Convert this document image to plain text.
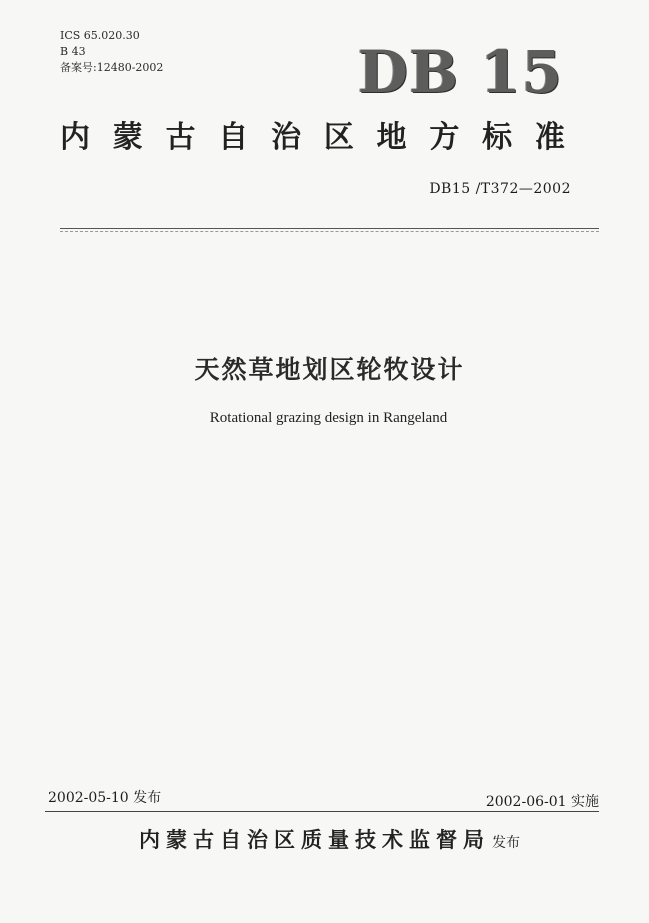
ICS 65.020.30
B 43
备案号:12480-2002	DB 15
内 蒙 古 自 治 区 地 方 标 准
DB15 /T372—2002
天然草地划区轮牧设计
Rotational grazing design in Rangeland
2002-05-10 发布	2002-06-01 实施
内蒙古自治区质量技术监督局 发布
